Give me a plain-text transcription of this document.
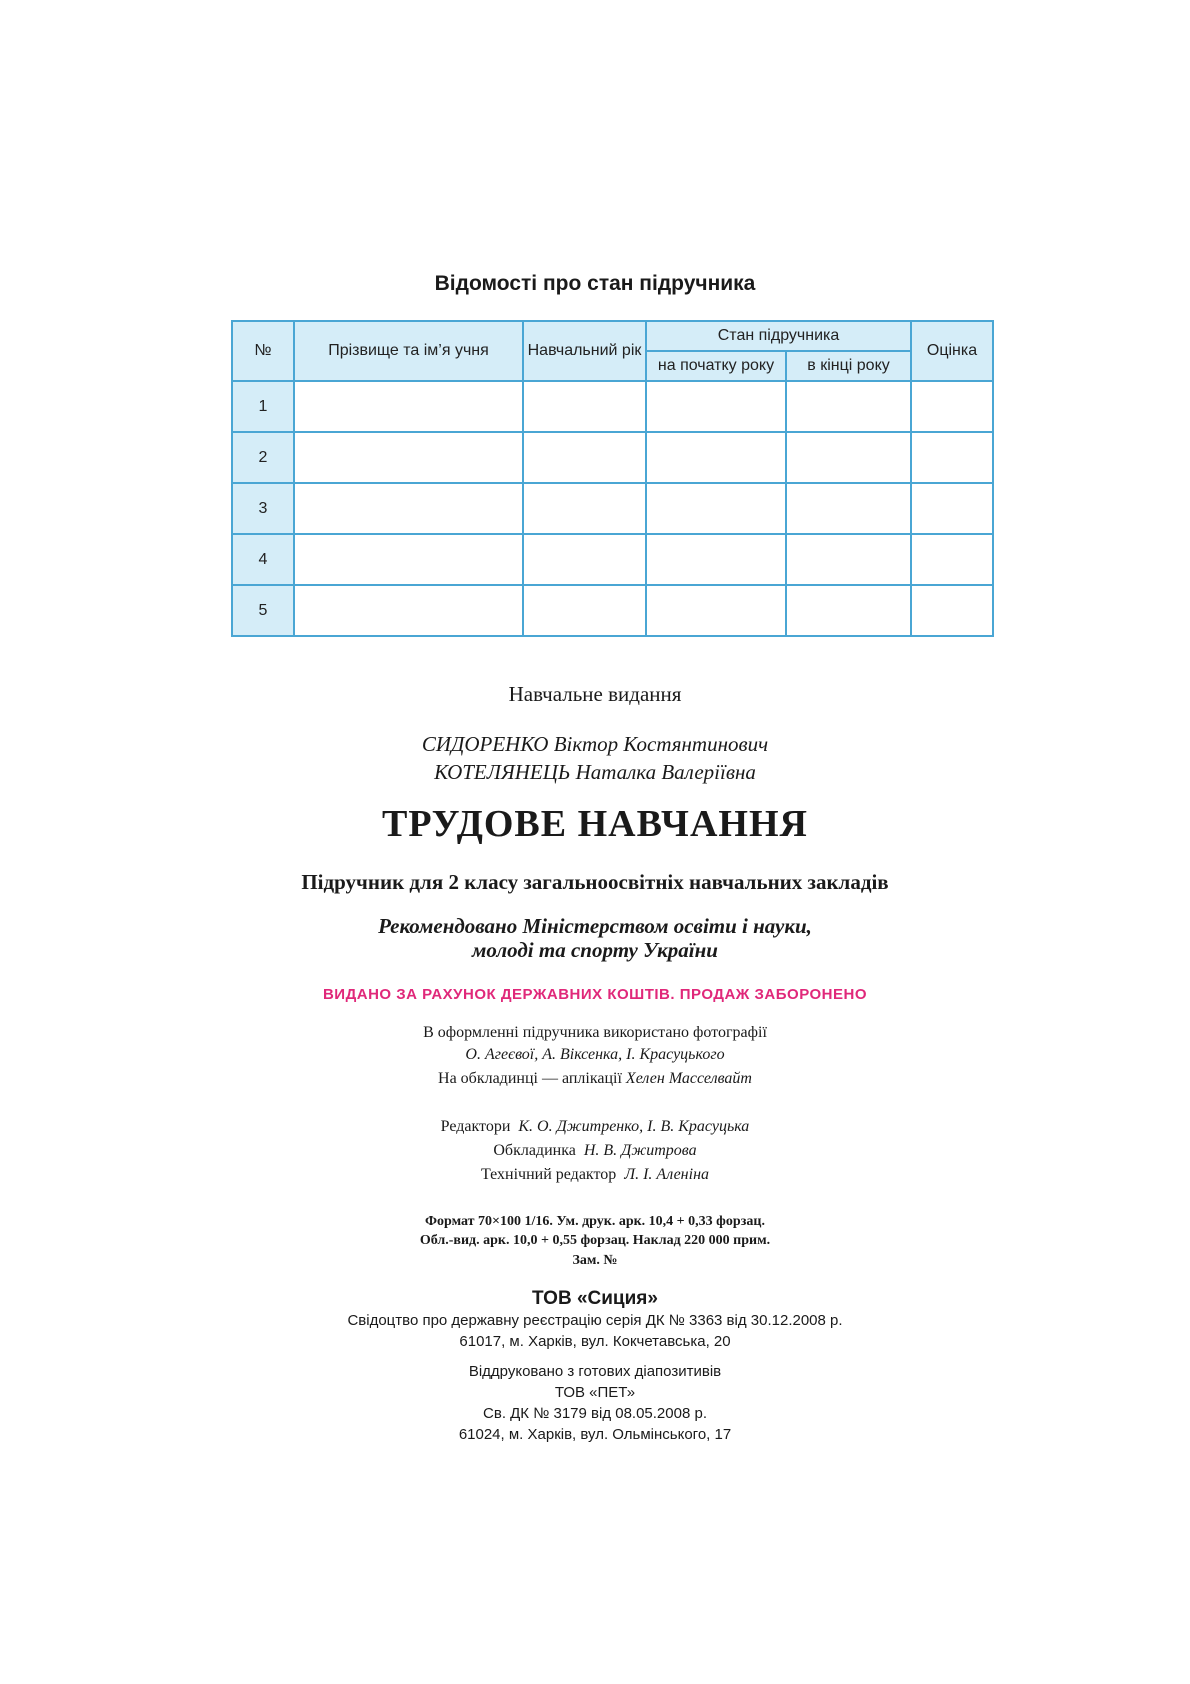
Відомості про стан підручника
№	Прізвище та ім’я учня	Навчальний рік	Стан підручника		Оцінка
			на початку року	в кінці року	
1					
2					
3					
4					
5					
Навчальне видання
СИДОРЕНКО Віктор Костянтинович
КОТЕЛЯНЕЦЬ Наталка Валеріївна
ТРУДОВЕ НАВЧАННЯ
Підручник для 2 класу загальноосвітніх навчальних закладів
Рекомендовано Міністерством освіти і науки,
молоді та спорту України
ВИДАНО ЗА РАХУНОК ДЕРЖАВНИХ КОШТІВ. ПРОДАЖ ЗАБОРОНЕНО
В оформленні підручника використано фотографії
О. Агеєвої, А. Віксенка, І. Красуцького
На обкладинці — аплікації Хелен Масселвайт
Редактори К. О. Джитренко, І. В. Красуцька
Обкладинка Н. В. Джитрова
Технічний редактор Л. І. Аленіна
Формат 70×100 1/16. Ум. друк. арк. 10,4 + 0,33 форзац.
Обл.-вид. арк. 10,0 + 0,55 форзац. Наклад 220 000 прим.
Зам. №
ТОВ «Сиция»
Свідоцтво про державну реєстрацію серія ДК № 3363 від 30.12.2008 р.
61017, м. Харків, вул. Кокчетавська, 20
Віддруковано з готових діапозитивів
ТОВ «ПЕТ»
Св. ДК № 3179 від 08.05.2008 р.
61024, м. Харків, вул. Ольмінського, 17
